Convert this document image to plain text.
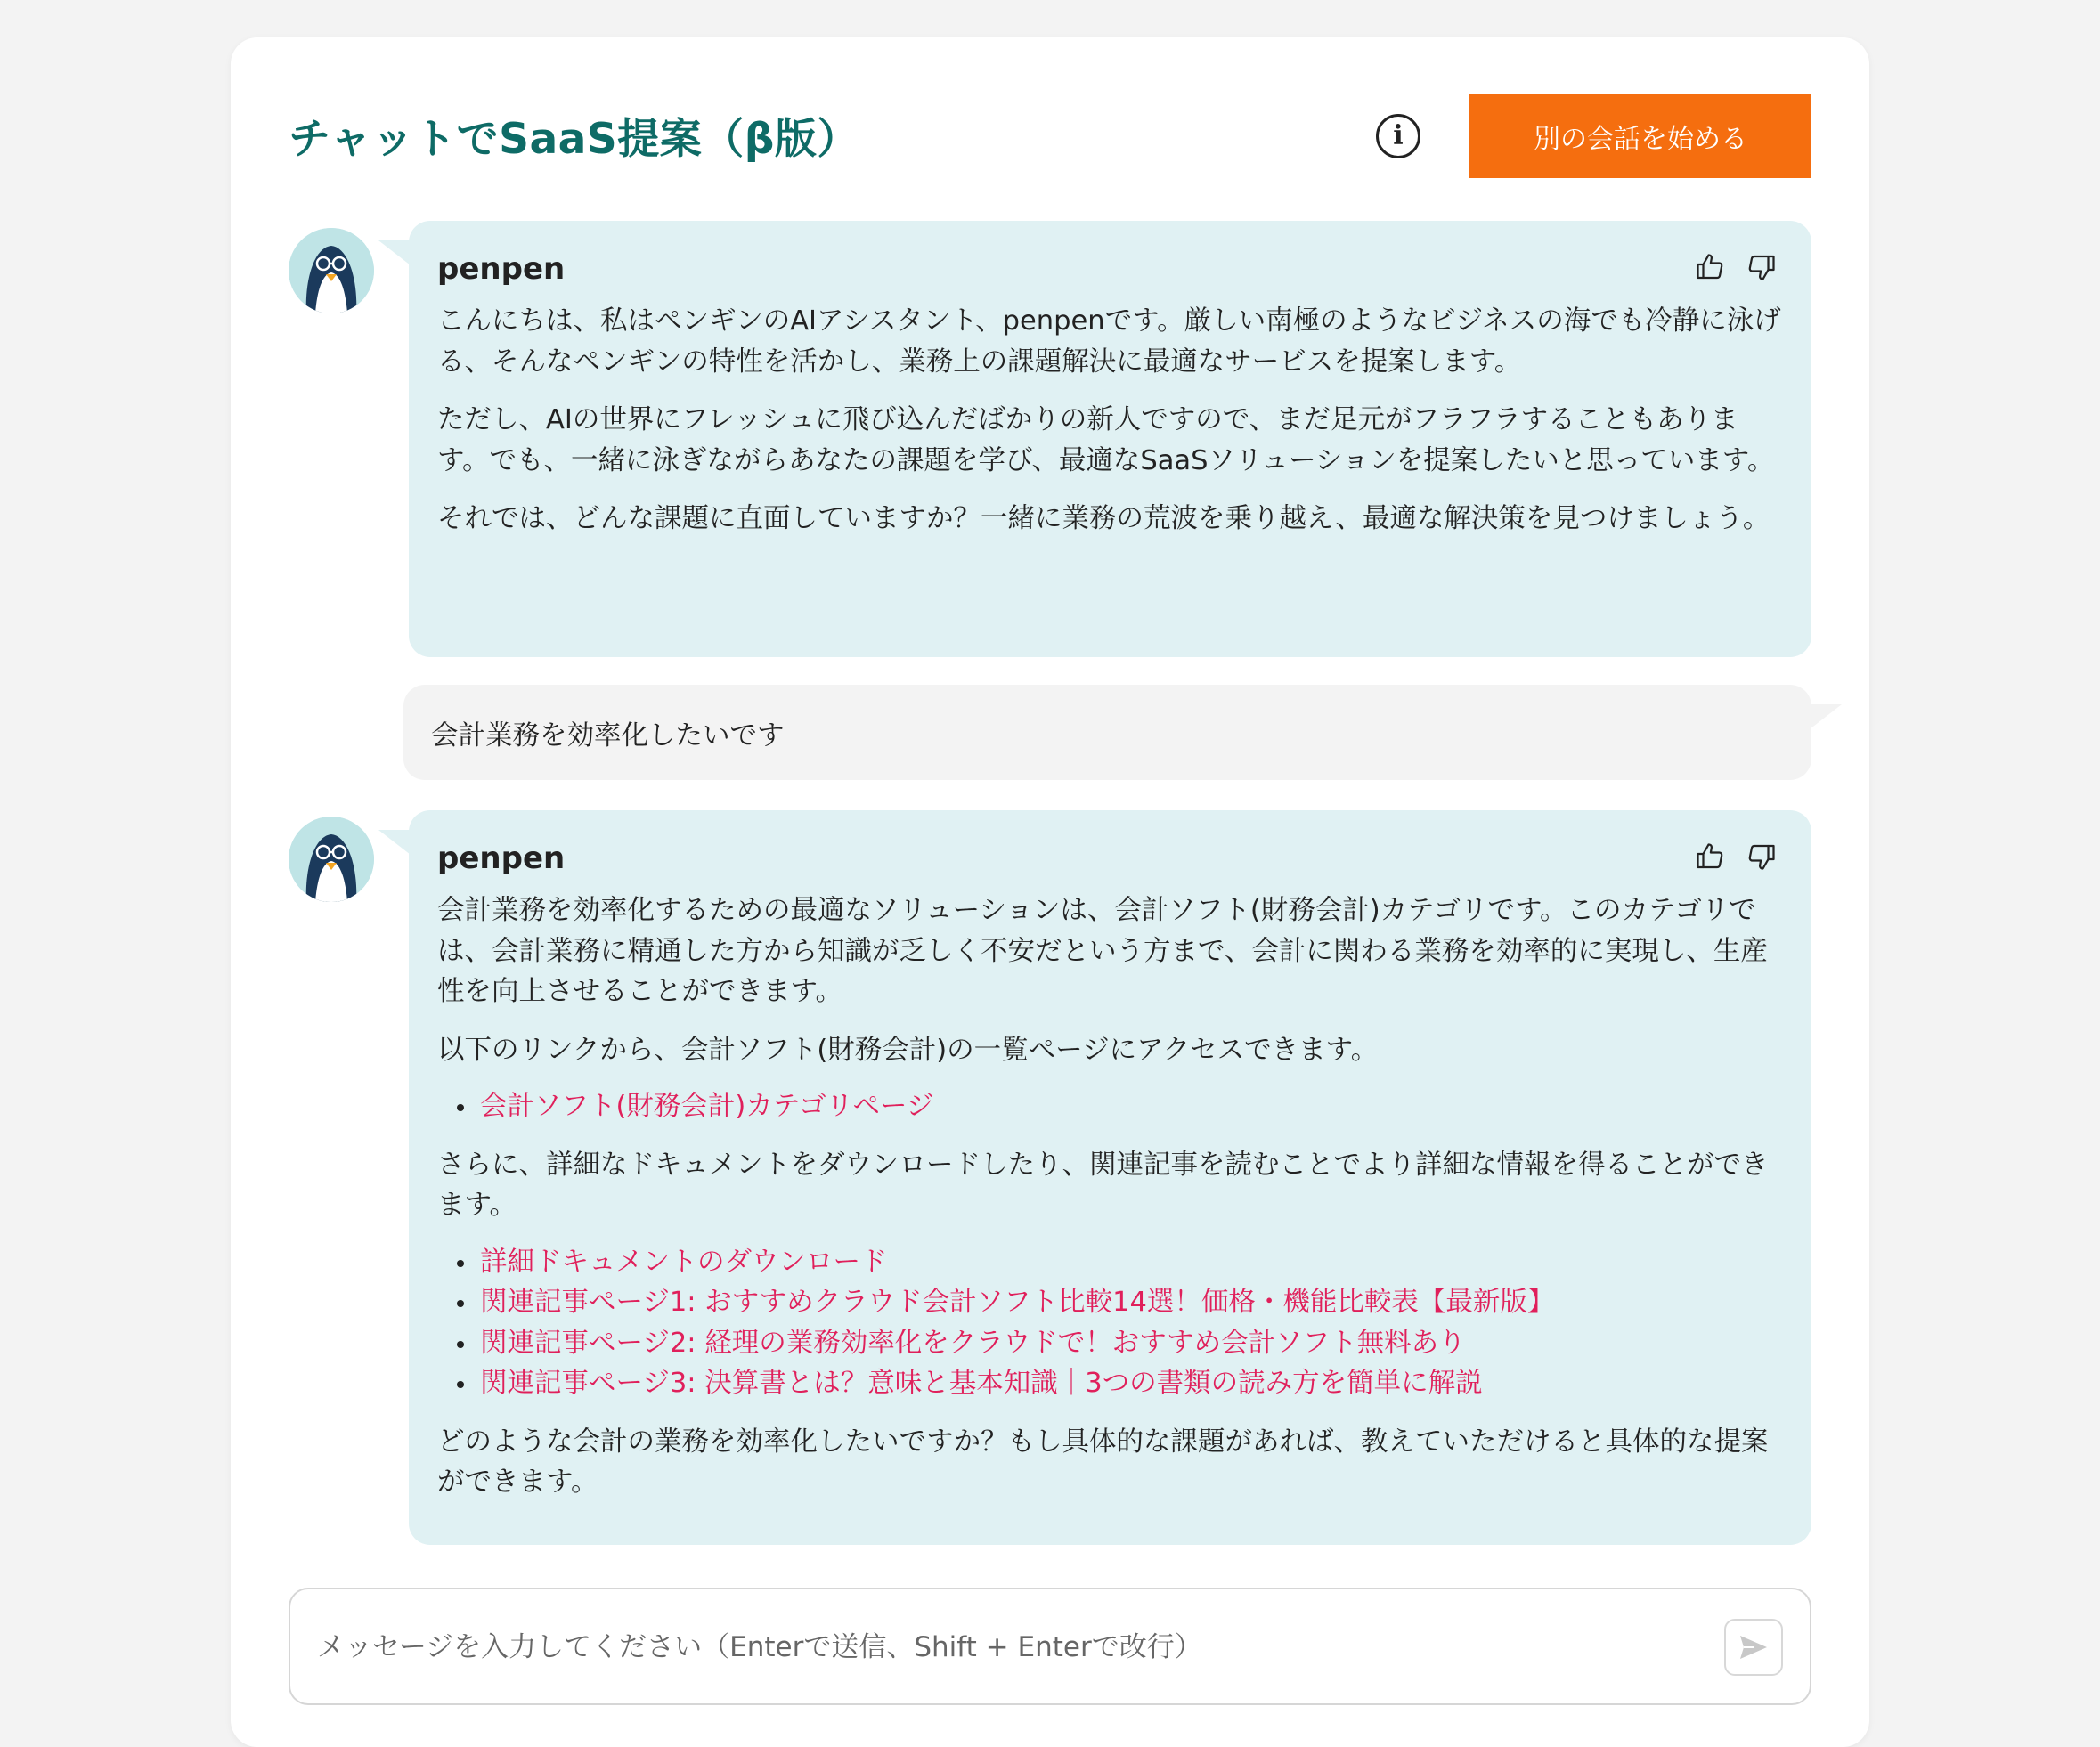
チャットでSaaS提案（β版）	i	別の会話を始める
penpen

こんにちは、私はペンギンのAIアシスタント、penpenです。厳しい南極のようなビジネスの海でも冷静に泳げる、そんなペンギンの特性を活かし、業務上の課題解決に最適なサービスを提案します。

ただし、AIの世界にフレッシュに飛び込んだばかりの新人ですので、まだ足元がフラフラすることもあります。でも、一緒に泳ぎながらあなたの課題を学び、最適なSaaSソリューションを提案したいと思っています。

それでは、どんな課題に直面していますか？一緒に業務の荒波を乗り越え、最適な解決策を見つけましょう。

会計業務を効率化したいです
penpen

会計業務を効率化するための最適なソリューションは、会計ソフト(財務会計)カテゴリです。このカテゴリでは、会計業務に精通した方から知識が乏しく不安だという方まで、会計に関わる業務を効率的に実現し、生産性を向上させることができます。

以下のリンクから、会計ソフト(財務会計)の一覧ページにアクセスできます。

会計ソフト(財務会計)カテゴリページ

さらに、詳細なドキュメントをダウンロードしたり、関連記事を読むことでより詳細な情報を得ることができます。

詳細ドキュメントのダウンロード
関連記事ページ1: おすすめクラウド会計ソフト比較14選！価格・機能比較表【最新版】
関連記事ページ2: 経理の業務効率化をクラウドで！おすすめ会計ソフト無料あり
関連記事ページ3: 決算書とは？意味と基本知識｜3つの書類の読み方を簡単に解説

どのような会計の業務を効率化したいですか？もし具体的な課題があれば、教えていただけると具体的な提案ができます。

メッセージを入力してください（Enterで送信、Shift + Enterで改行）
